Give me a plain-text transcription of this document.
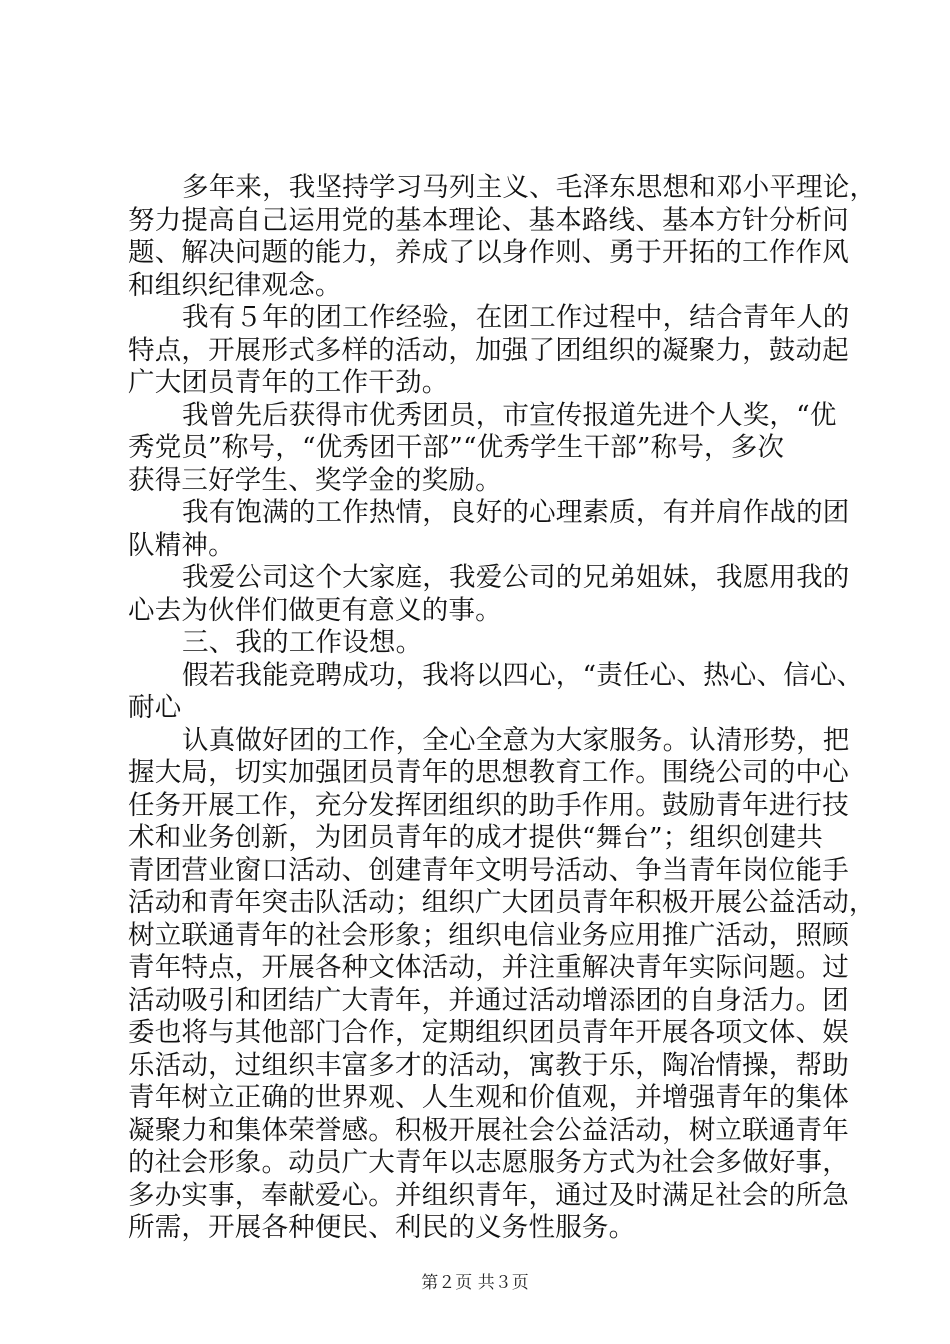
多年来，我坚持学习马列主义、毛泽东思想和邓小平理论，
努力提高自己运用党的基本理论、基本路线、基本方针分析问
题、解决问题的能力，养成了以身作则、勇于开拓的工作作风
和组织纪律观念。
我有５年的团工作经验，在团工作过程中，结合青年人的
特点，开展形式多样的活动，加强了团组织的凝聚力，鼓动起
广大团员青年的工作干劲。
我曾先后获得市优秀团员，市宣传报道先进个人奖，“优
秀党员”称号，“优秀团干部”“优秀学生干部”称号，多次
获得三好学生、奖学金的奖励。
我有饱满的工作热情，良好的心理素质，有并肩作战的团
队精神。
我爱公司这个大家庭，我爱公司的兄弟姐妹，我愿用我的
心去为伙伴们做更有意义的事。
三、我的工作设想。
假若我能竞聘成功，我将以四心，“责任心、热心、信心、
耐心
认真做好团的工作，全心全意为大家服务。认清形势，把
握大局，切实加强团员青年的思想教育工作。围绕公司的中心
任务开展工作，充分发挥团组织的助手作用。鼓励青年进行技
术和业务创新，为团员青年的成才提供“舞台”；组织创建共
青团营业窗口活动、创建青年文明号活动、争当青年岗位能手
活动和青年突击队活动；组织广大团员青年积极开展公益活动，
树立联通青年的社会形象；组织电信业务应用推广活动，照顾
青年特点，开展各种文体活动，并注重解决青年实际问题。过
活动吸引和团结广大青年，并通过活动增添团的自身活力。团
委也将与其他部门合作，定期组织团员青年开展各项文体、娱
乐活动，过组织丰富多才的活动，寓教于乐，陶冶情操，帮助
青年树立正确的世界观、人生观和价值观，并增强青年的集体
凝聚力和集体荣誉感。积极开展社会公益活动，树立联通青年
的社会形象。动员广大青年以志愿服务方式为社会多做好事，
多办实事，奉献爱心。并组织青年，通过及时满足社会的所急
所需，开展各种便民、利民的义务性服务。
第２页 共３页
